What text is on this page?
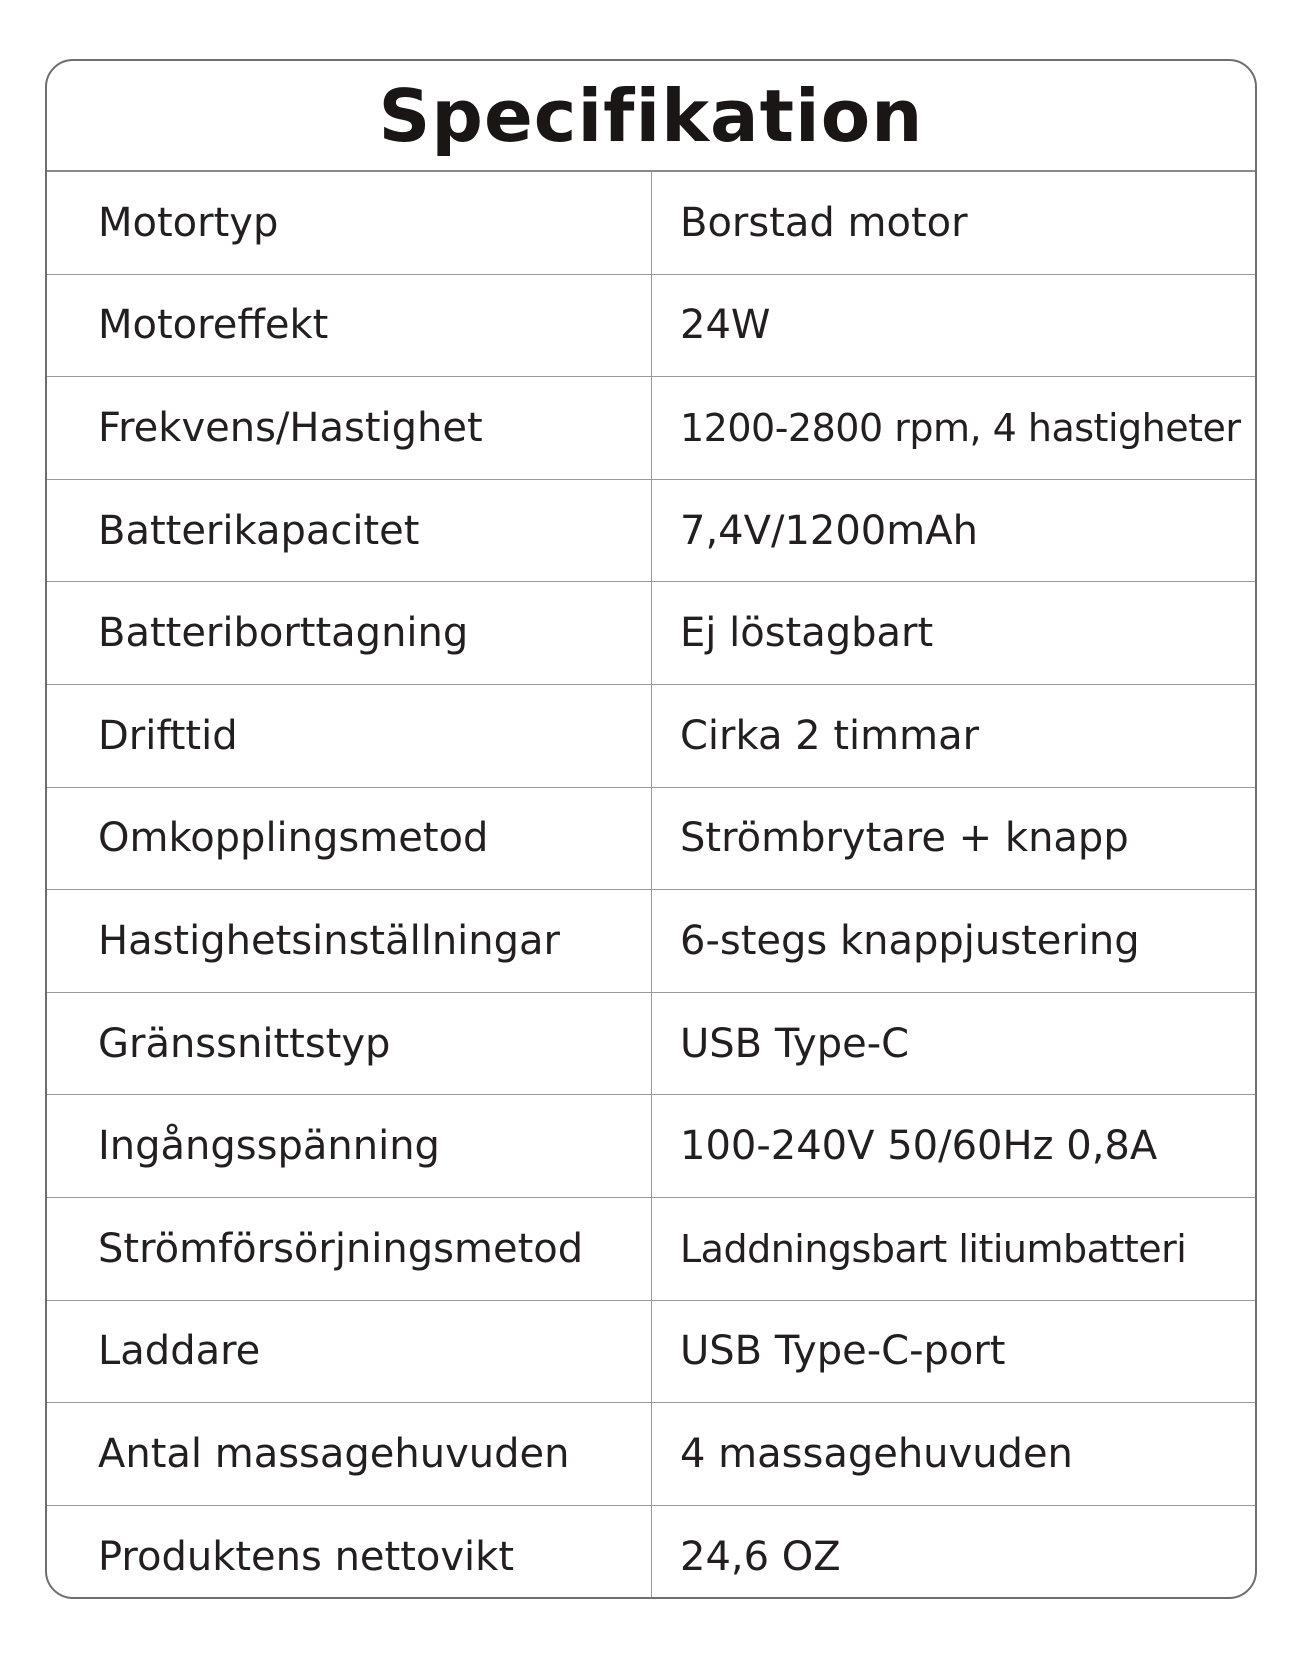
Specifikation
Motortyp	Borstad motor
Motoreffekt	24W
Frekvens/Hastighet	1200-2800 rpm, 4 hastigheter
Batterikapacitet	7,4V/1200mAh
Batteriborttagning	Ej löstagbart
Drifttid	Cirka 2 timmar
Omkopplingsmetod	Strömbrytare + knapp
Hastighetsinställningar	6-stegs knappjustering
Gränssnittstyp	USB Type-C
Ingångsspänning	100-240V 50/60Hz 0,8A
Strömförsörjningsmetod	Laddningsbart litiumbatteri
Laddare	USB Type-C-port
Antal massagehuvuden	4 massagehuvuden
Produktens nettovikt	24,6 OZ
